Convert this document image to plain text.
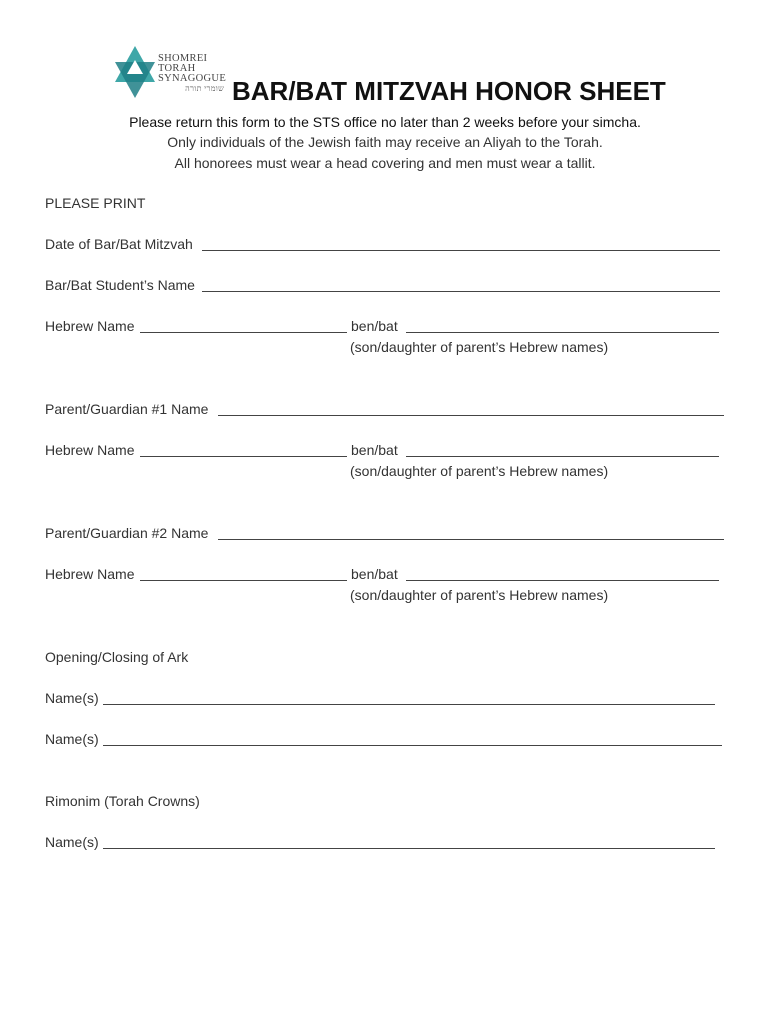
SHOMREI
TORAH
SYNAGOGUE
שומרי תורה BAR/BAT MITZVAH HONOR SHEET
Please return this form to the STS office no later than 2 weeks before your simcha.
Only individuals of the Jewish faith may receive an Aliyah to the Torah.
All honorees must wear a head covering and men must wear a tallit.
PLEASE PRINT
Date of Bar/Bat Mitzvah
Bar/Bat Student’s Name
Hebrew Name	ben/bat
(son/daughter of parent’s Hebrew names)
Parent/Guardian #1 Name
Hebrew Name	ben/bat
(son/daughter of parent’s Hebrew names)
Parent/Guardian #2 Name
Hebrew Name	ben/bat
(son/daughter of parent’s Hebrew names)
Opening/Closing of Ark
Name(s)
Name(s)
Rimonim (Torah Crowns)
Name(s)
